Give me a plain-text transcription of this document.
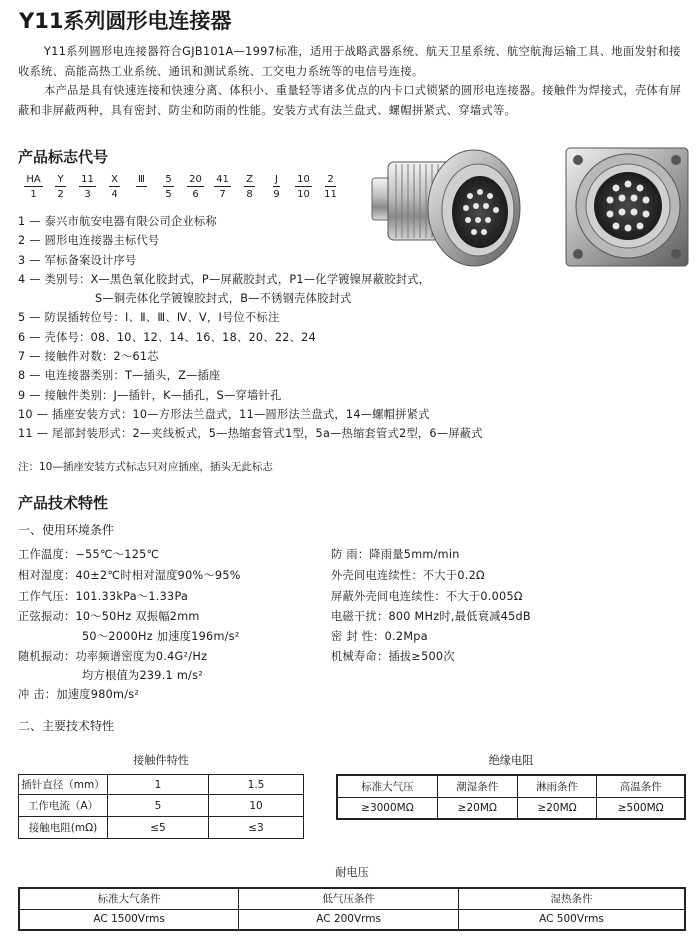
Y11系列圆形电连接器

Y11系列圆形电连接器符合GJB101A—1997标准，适用于战略武器系统、航天卫星系统、航空航海运输工具、地面发射和接收系统、高能高热工业系统、通讯和测试系统、工交电力系统等的电信号连接。

本产品是具有快速连接和快速分离、体积小、重量轻等诸多优点的内卡口式锁紧的圆形电连接器。接触件为焊接式，壳体有屏蔽和非屏蔽两种，具有密封、防尘和防雨的性能。安装方式有法兰盘式、螺帽拼紧式、穿墙式等。

产品标志代号
HA	Y	11	X	Ⅲ	5	20	41	Z	J	10	2
1	2	3	4		5	6	7	8	9	10	11
1 — 泰兴市航安电器有限公司企业标称
2 — 圆形电连接器主标代号
3 — 军标备案设计序号
4 — 类别号：X—黑色氧化胶封式，P—屏蔽胶封式，P1—化学镀镍屏蔽胶封式，
S—铜壳体化学镀镍胶封式，B—不锈钢壳体胶封式
5 — 防误插转位号：Ⅰ、Ⅱ、Ⅲ、Ⅳ、Ⅴ，Ⅰ号位不标注
6 — 壳体号：08、10、12、14、16、18、20、22、24
7 — 接触件对数：2～61芯
8 — 电连接器类别：T—插头，Z—插座
9 — 接触件类别：J—插针，K—插孔，S—穿墙针孔
10 — 插座安装方式：10—方形法兰盘式，11—圆形法兰盘式，14—螺帽拼紧式
11 — 尾部封装形式：2—夹线板式，5—热缩套管式1型，5a—热缩套管式2型，6—屏蔽式
注：10—插座安装方式标志只对应插座，插头无此标志
产品技术特性
一、使用环境条件
工作温度：−55℃～125℃
相对湿度：40±2℃时相对湿度90%～95%
工作气压：101.33kPa～1.33Pa
正弦振动：10～50Hz 双振幅2mm
50～2000Hz 加速度196m/s²
随机振动：功率频谱密度为0.4G²/Hz
均方根值为239.1 m/s²
冲 击：加速度980m/s²
防 雨：降雨量5mm/min
外壳间电连续性：不大于0.2Ω
屏蔽外壳间电连续性：不大于0.005Ω
电磁干扰：800 MHz时,最低衰减45dB
密 封 性：0.2Mpa
机械寿命：插拔≥500次
二、主要技术特性
接触件特性
插针直径（mm）	1	1.5
工作电流（A）	5	10
接触电阻(mΩ)	≤5	≤3
绝缘电阻
标准大气压	潮湿条件	淋雨条件	高温条件
≥3000MΩ	≥20MΩ	≥20MΩ	≥500MΩ
耐电压
标准大气条件	低气压条件	湿热条件
AC 1500Vrms	AC 200Vrms	AC 500Vrms
